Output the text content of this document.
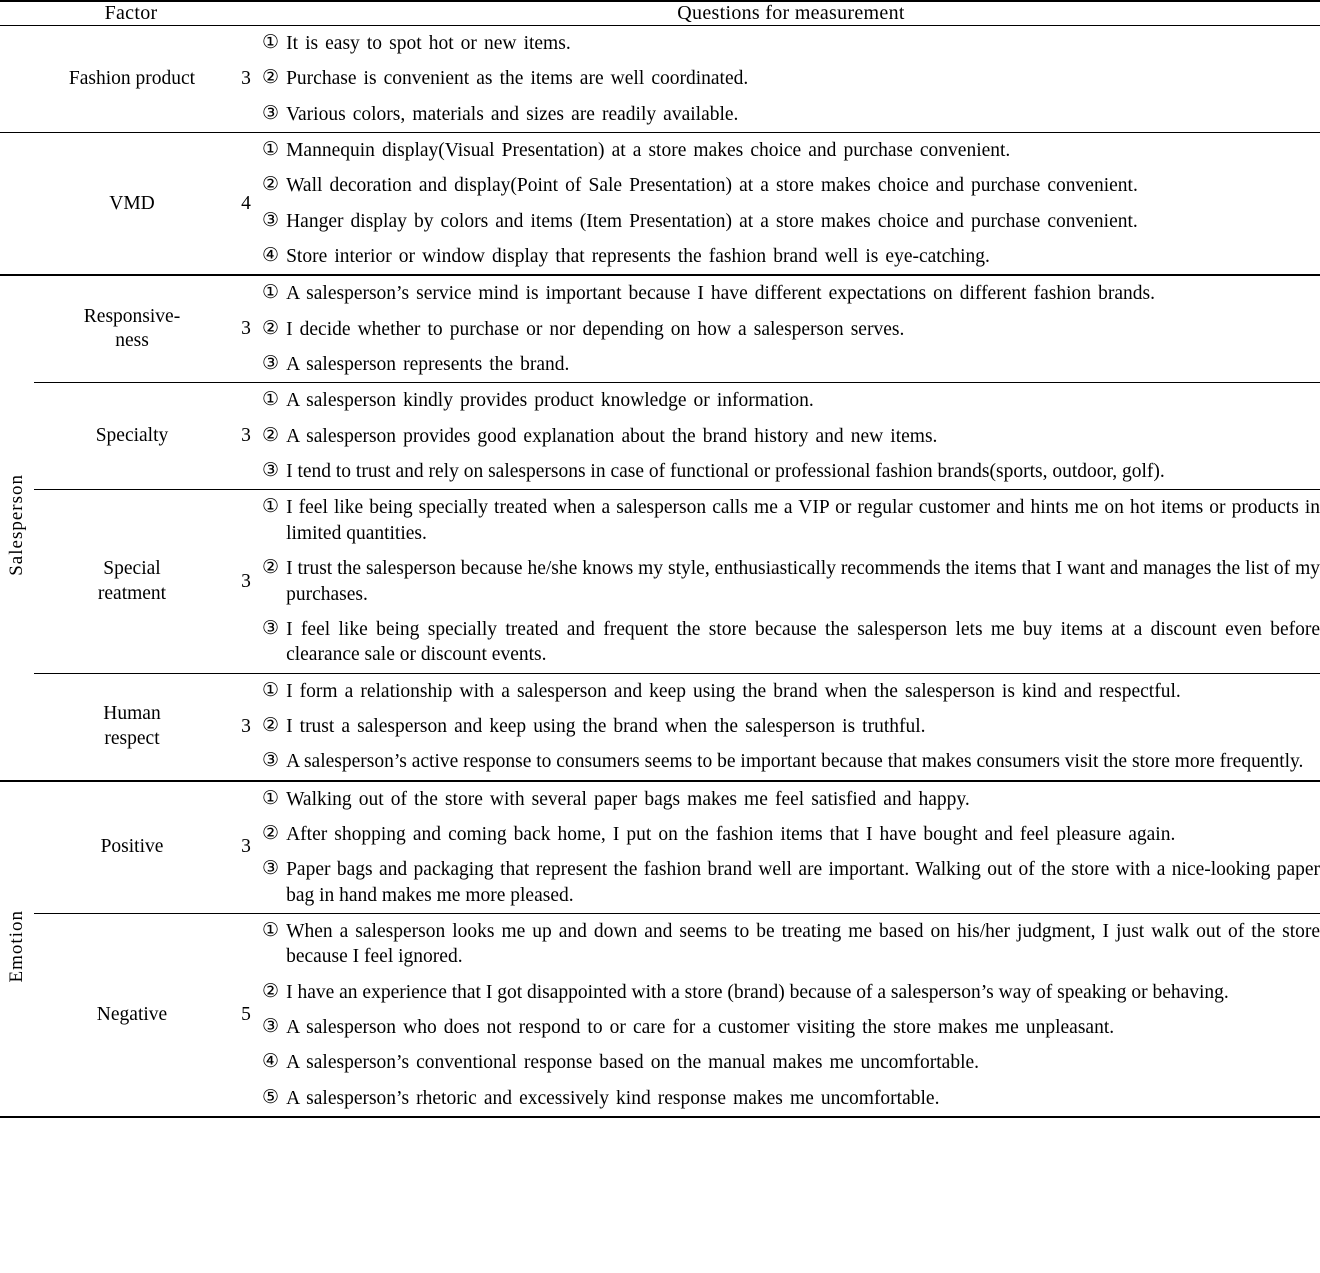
Factor			Questions for measurement
	Fashion product	3	
① It is easy to spot hot or new items.
② Purchase is convenient as the items are well coordinated.
③ Various colors, materials and sizes are readily available.

	VMD	4	
① Mannequin display(Visual Presentation) at a store makes choice and purchase convenient.
② Wall decoration and display(Point of Sale Presentation) at a store makes choice and purchase convenient.
③ Hanger display by colors and items (Item Presentation) at a store makes choice and purchase convenient.
④ Store interior or window display that represents the fashion brand well is eye-catching.

Salesperson	Responsive-
ness	3	
① A salesperson’s service mind is important because I have different expectations on different fashion brands.
② I decide whether to purchase or nor depending on how a salesperson serves.
③ A salesperson represents the brand.

Specialty	3	
① A salesperson kindly provides product knowledge or information.
② A salesperson provides good explanation about the brand history and new items.
③ I tend to trust and rely on salespersons in case of functional or professional fashion brands(sports, outdoor, golf).

Special
reatment	3	
① I feel like being specially treated when a salesperson calls me a VIP or regular customer and hints me on hot items or products in limited quantities.
② I trust the salesperson because he/she knows my style, enthusiastically recommends the items that I want and manages the list of my purchases.
③ I feel like being specially treated and frequent the store because the salesperson lets me buy items at a discount even before clearance sale or discount events.

Human
respect	3	
① I form a relationship with a salesperson and keep using the brand when the salesperson is kind and respectful.
② I trust a salesperson and keep using the brand when the salesperson is truthful.
③ A salesperson’s active response to consumers seems to be important because that makes consumers visit the store more frequently.

Emotion	Positive	3	
① Walking out of the store with several paper bags makes me feel satisfied and happy.
② After shopping and coming back home, I put on the fashion items that I have bought and feel pleasure again.
③ Paper bags and packaging that represent the fashion brand well are important. Walking out of the store with a nice-looking paper bag in hand makes me more pleased.

Negative	5	
① When a salesperson looks me up and down and seems to be treating me based on his/her judgment, I just walk out of the store because I feel ignored.
② I have an experience that I got disappointed with a store (brand) because of a salesperson’s way of speaking or behaving.
③ A salesperson who does not respond to or care for a customer visiting the store makes me unpleasant.
④ A salesperson’s conventional response based on the manual makes me uncomfortable.
⑤ A salesperson’s rhetoric and excessively kind response makes me uncomfortable.
